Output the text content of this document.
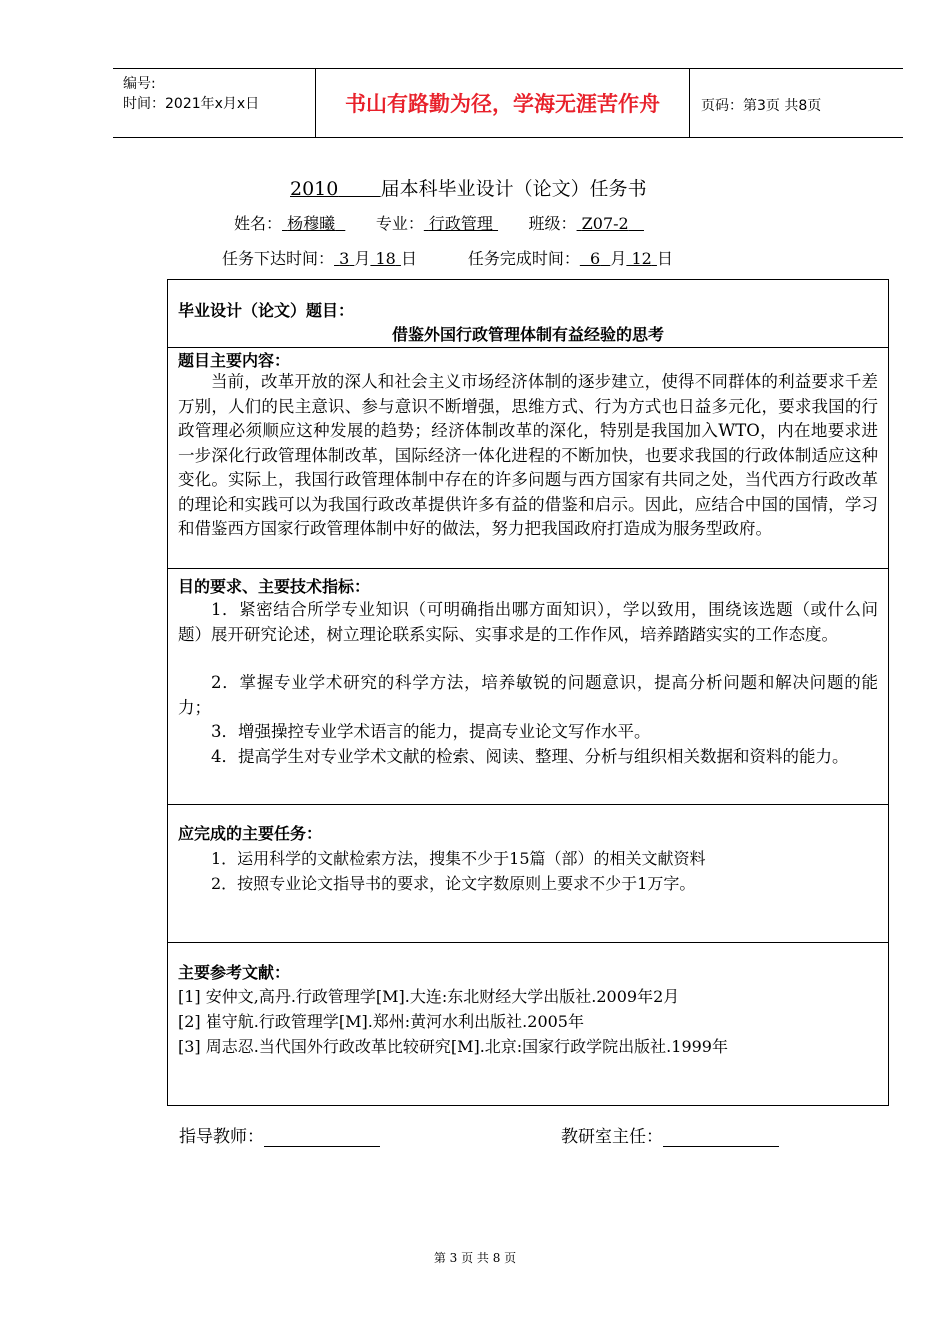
编号:
时间：2021年x月x日	书山有路勤为径，学海无涯苦作舟	页码：第3页 共8页
2010 届本科毕业设计（论文）任务书
姓名： 杨穆曦	专业： 行政管理 班级： Z07-2
任务下达时间： 3 月 18 日	任务完成时间： 6 月 12 日
毕业设计（论文）题目：
借鉴外国行政管理体制有益经验的思考
题目主要内容：
当前，改革开放的深人和社会主义市场经济体制的逐步建立，使得不同群体的利益要求千差万别，人们的民主意识、参与意识不断增强，思维方式、行为方式也日益多元化，要求我国的行政管理必须顺应这种发展的趋势；经济体制改革的深化，特别是我国加入WTO，内在地要求进一步深化行政管理体制改革，国际经济一体化进程的不断加快，也要求我国的行政体制适应这种变化。实际上，我国行政管理体制中存在的许多问题与西方国家有共同之处，当代西方行政改革的理论和实践可以为我国行政改革提供许多有益的借鉴和启示。因此，应结合中国的国情，学习和借鉴西方国家行政管理体制中好的做法，努力把我国政府打造成为服务型政府。
目的要求、主要技术指标：
1．紧密结合所学专业知识（可明确指出哪方面知识），学以致用，围绕该选题（或什么问题）展开研究论述，树立理论联系实际、实事求是的工作作风，培养踏踏实实的工作态度。
2．掌握专业学术研究的科学方法，培养敏锐的问题意识，提高分析问题和解决问题的能力；
3．增强操控专业学术语言的能力，提高专业论文写作水平。
4．提高学生对专业学术文献的检索、阅读、整理、分析与组织相关数据和资料的能力。
应完成的主要任务：
1．运用科学的文献检索方法，搜集不少于15篇（部）的相关文献资料
2．按照专业论文指导书的要求，论文字数原则上要求不少于1万字。
主要参考文献：
[1] 安仲文,高丹.行政管理学[M].大连:东北财经大学出版社.2009年2月
[2] 崔守航.行政管理学[M].郑州:黄河水利出版社.2005年
[3] 周志忍.当代国外行政改革比较研究[M].北京:国家行政学院出版社.1999年
指导教师：	教研室主任：
第 3 页 共 8 页
